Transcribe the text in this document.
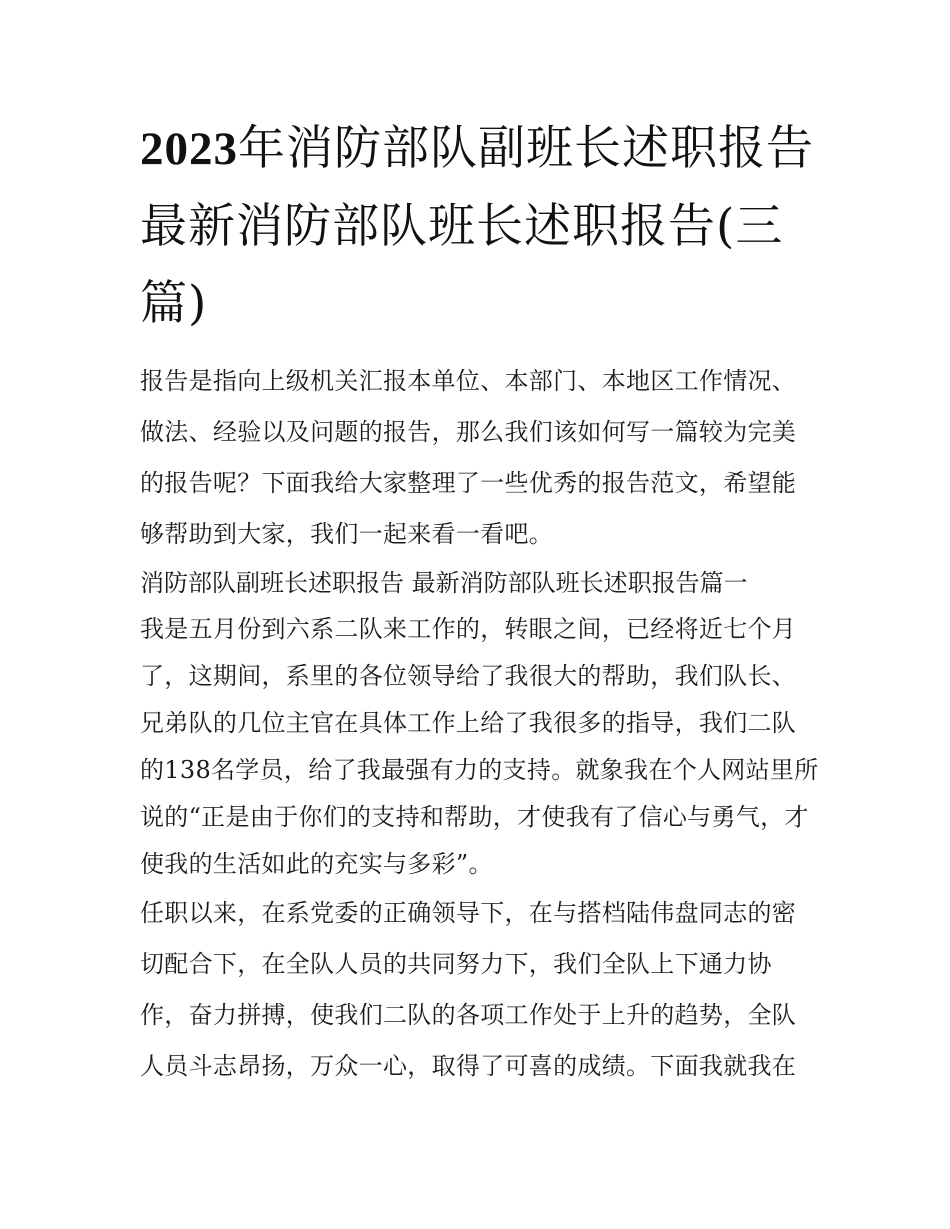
2023年消防部队副班长述职报告 最新消防部队班长述职报告(三篇)

报告是指向上级机关汇报本单位、本部门、本地区工作情况、做法、经验以及问题的报告，那么我们该如何写一篇较为完美的报告呢？下面我给大家整理了一些优秀的报告范文，希望能够帮助到大家，我们一起来看一看吧。

消防部队副班长述职报告 最新消防部队班长述职报告篇一

我是五月份到六系二队来工作的，转眼之间，已经将近七个月了，这期间，系里的各位领导给了我很大的帮助，我们队长、兄弟队的几位主官在具体工作上给了我很多的指导，我们二队的138名学员，给了我最强有力的支持。就象我在个人网站里所说的“正是由于你们的支持和帮助，才使我有了信心与勇气，才使我的生活如此的充实与多彩”。

任职以来，在系党委的正确领导下，在与搭档陆伟盘同志的密切配合下，在全队人员的共同努力下，我们全队上下通力协作，奋力拼搏，使我们二队的各项工作处于上升的趋势，全队人员斗志昂扬，万众一心，取得了可喜的成绩。下面我就我在
